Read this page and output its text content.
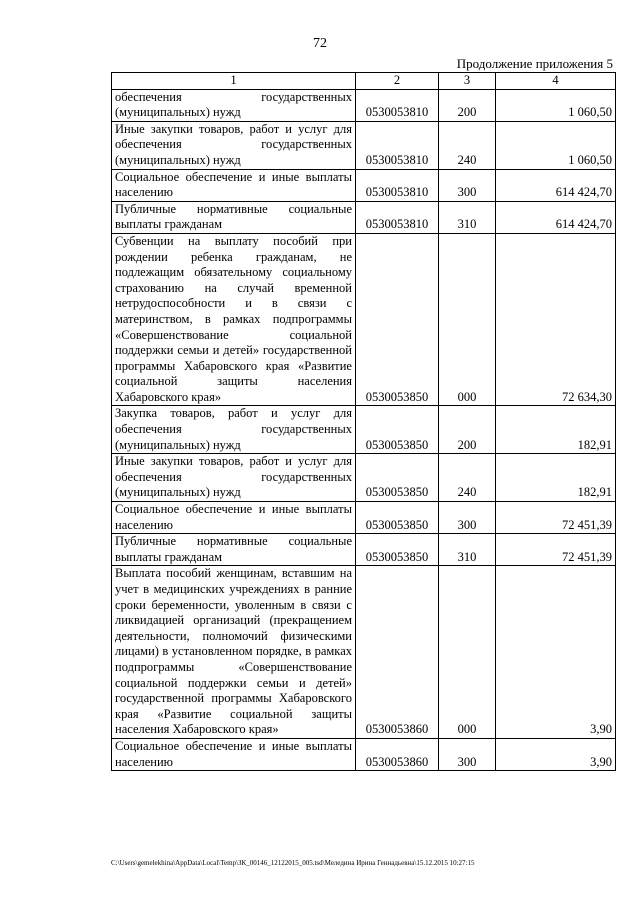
72
Продолжение приложения 5
1	2	3	4
обеспечения государственных (муниципальных) нужд	0530053810	200	1 060,50
Иные закупки товаров, работ и услуг для обеспечения государственных (муниципальных) нужд	0530053810	240	1 060,50
Социальное обеспечение и иные выплаты населению	0530053810	300	614 424,70
Публичные нормативные социальные выплаты гражданам	0530053810	310	614 424,70
Субвенции на выплату пособий при рождении ребенка гражданам, не подлежащим обязательному социальному страхованию на случай временной нетрудоспособности и в связи с материнством, в рамках подпрограммы «Совершенствование социальной поддержки семьи и детей» государственной программы Хабаровского края «Развитие социальной защиты населения Хабаровского края»	0530053850	000	72 634,30
Закупка товаров, работ и услуг для обеспечения государственных (муниципальных) нужд	0530053850	200	182,91
Иные закупки товаров, работ и услуг для обеспечения государственных (муниципальных) нужд	0530053850	240	182,91
Социальное обеспечение и иные выплаты населению	0530053850	300	72 451,39
Публичные нормативные социальные выплаты гражданам	0530053850	310	72 451,39
Выплата пособий женщинам, вставшим на учет в медицинских учреждениях в ранние сроки беременности, уволенным в связи с ликвидацией организаций (прекращением деятельности, полномочий физическими лицами) в установленном порядке, в рамках подпрограммы «Совершенствование социальной поддержки семьи и детей» государственной программы Хабаровского края «Развитие социальной защиты населения Хабаровского края»	0530053860	000	3,90
Социальное обеспечение и иные выплаты населению	0530053860	300	3,90
C:\Users\gemelekhina\AppData\Local\Temp\ЗК_00146_12122015_005.tsd\Меледина Ирина Геннадьевна\15.12.2015 10:27:15
